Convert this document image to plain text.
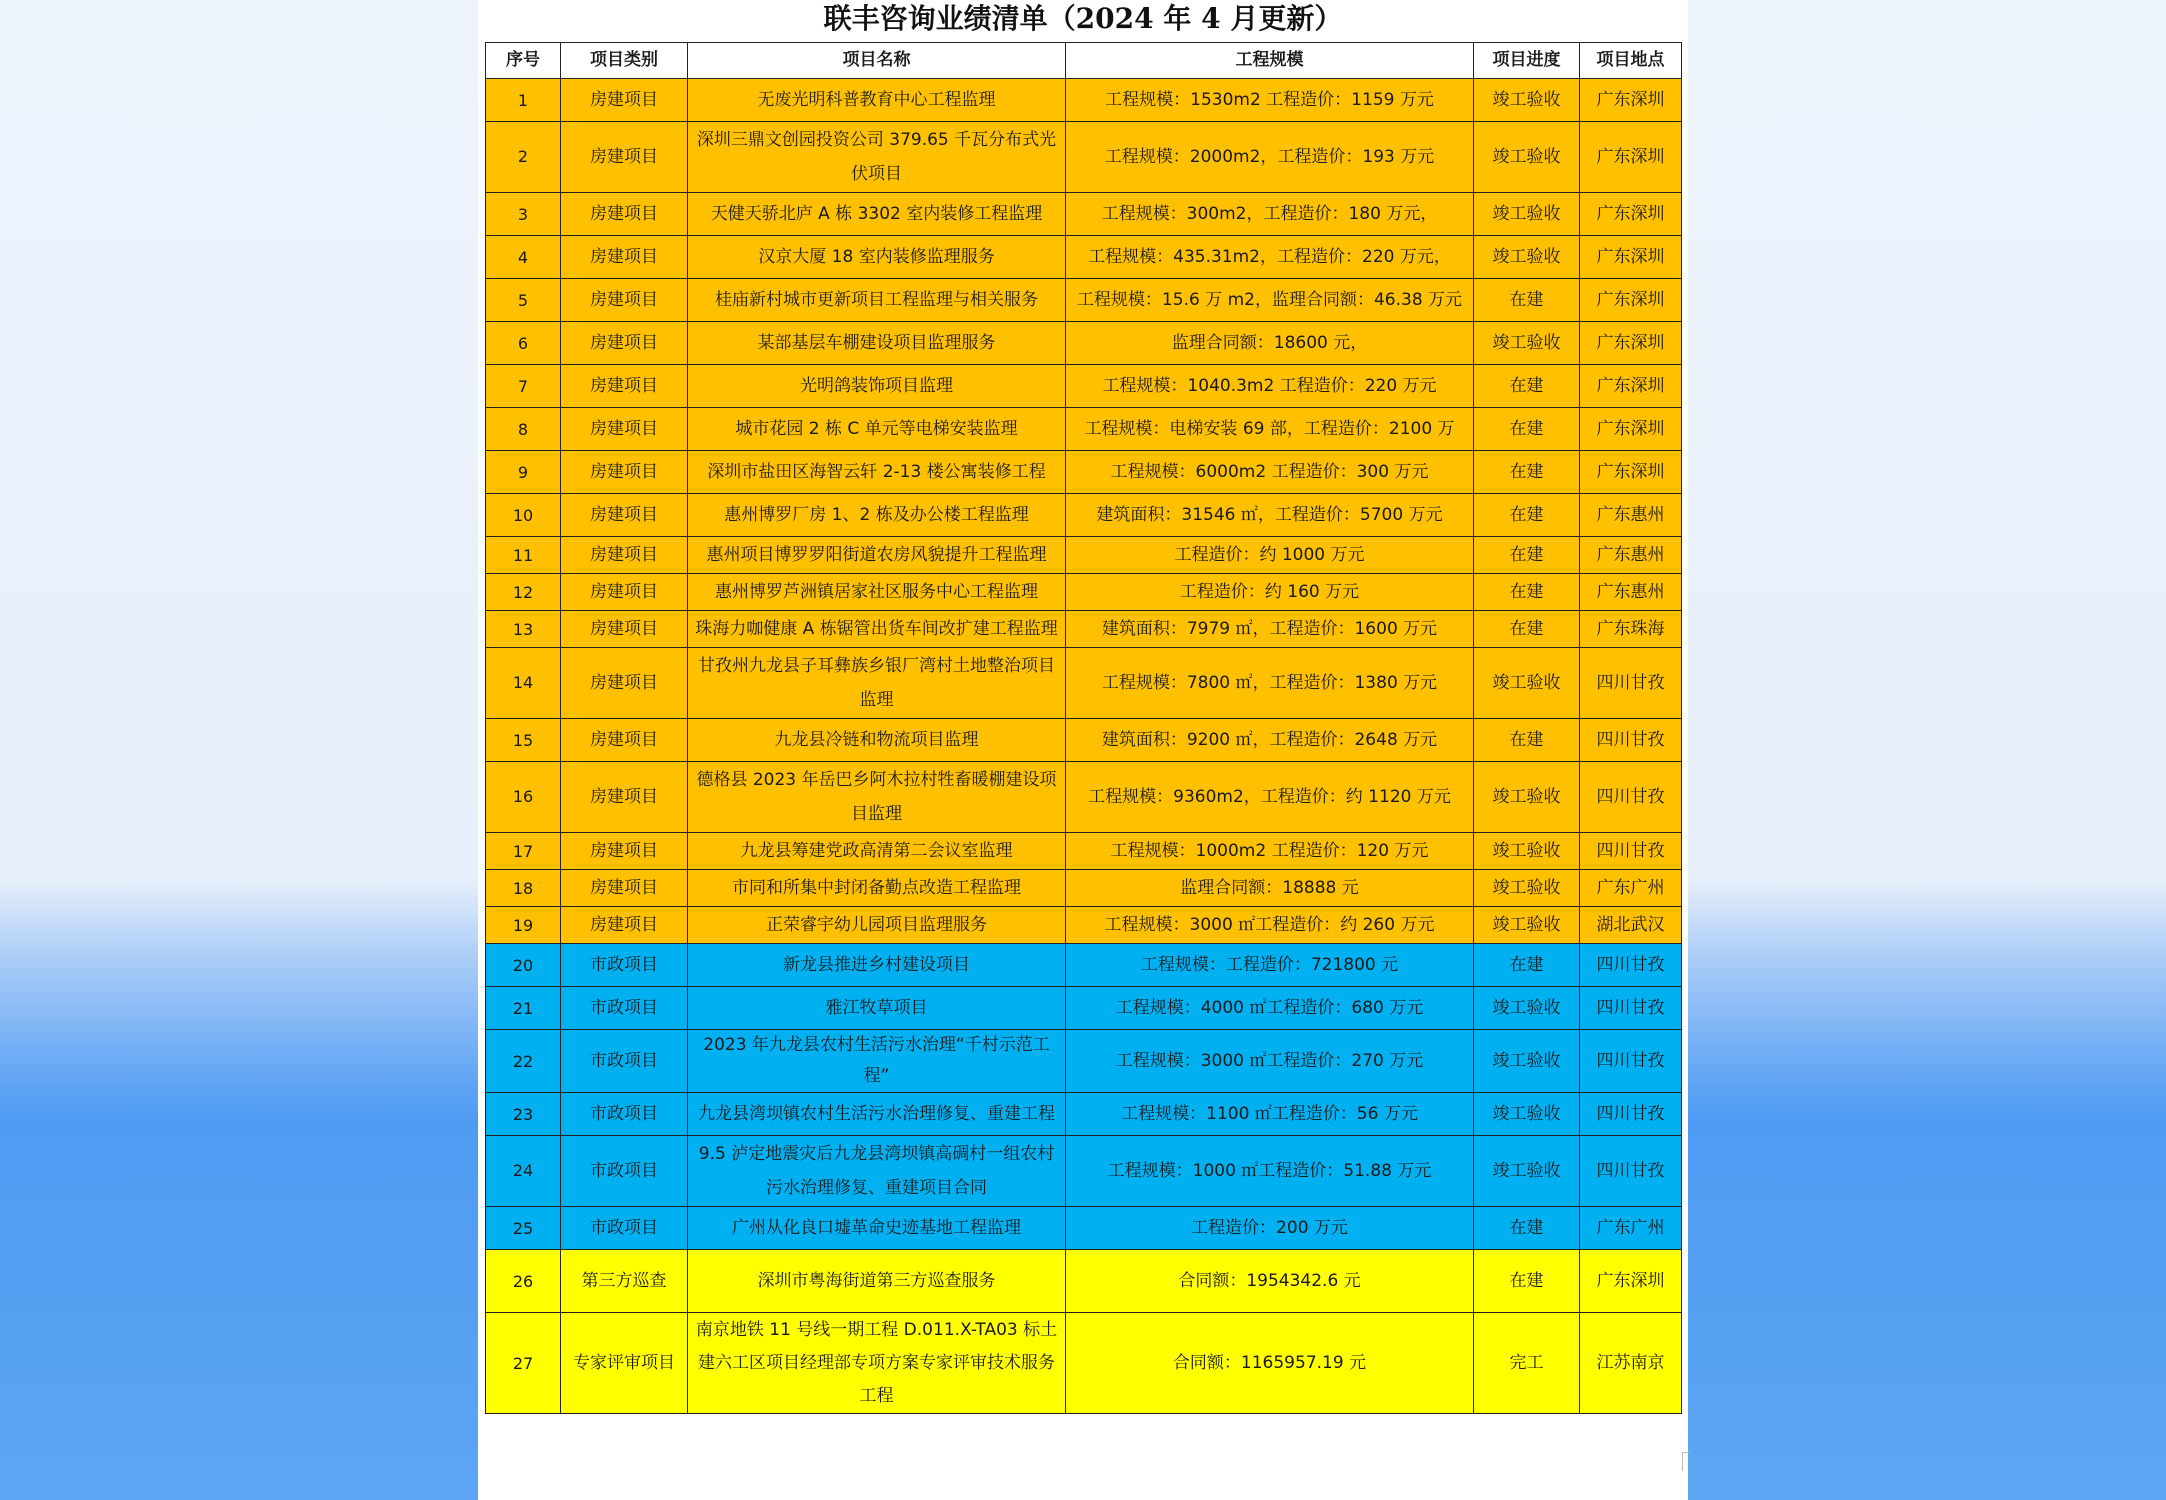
联丰咨询业绩清单（2024 年 4 月更新）
序号	项目类别	项目名称	工程规模	项目进度	项目地点
1	房建项目	无废光明科普教育中心工程监理	工程规模：1530m2 工程造价：1159 万元	竣工验收	广东深圳
2	房建项目	深圳三鼎文创园投资公司 379.65 千瓦分布式光伏项目	工程规模：2000m2，工程造价：193 万元	竣工验收	广东深圳
3	房建项目	天健天骄北庐 A 栋 3302 室内装修工程监理	工程规模：300m2，工程造价：180 万元，	竣工验收	广东深圳
4	房建项目	汉京大厦 18 室内装修监理服务	工程规模：435.31m2，工程造价：220 万元，	竣工验收	广东深圳
5	房建项目	桂庙新村城市更新项目工程监理与相关服务	工程规模：15.6 万 m2，监理合同额：46.38 万元	在建	广东深圳
6	房建项目	某部基层车棚建设项目监理服务	监理合同额：18600 元，	竣工验收	广东深圳
7	房建项目	光明鸽装饰项目监理	工程规模：1040.3m2 工程造价：220 万元	在建	广东深圳
8	房建项目	城市花园 2 栋 C 单元等电梯安装监理	工程规模：电梯安装 69 部，工程造价：2100 万	在建	广东深圳
9	房建项目	深圳市盐田区海智云轩 2-13 楼公寓装修工程	工程规模：6000m2 工程造价：300 万元	在建	广东深圳
10	房建项目	惠州博罗厂房 1、2 栋及办公楼工程监理	建筑面积：31546 ㎡，工程造价：5700 万元	在建	广东惠州
11	房建项目	惠州项目博罗罗阳街道农房风貌提升工程监理	工程造价：约 1000 万元	在建	广东惠州
12	房建项目	惠州博罗芦洲镇居家社区服务中心工程监理	工程造价：约 160 万元	在建	广东惠州
13	房建项目	珠海力咖健康 A 栋锯管出货车间改扩建工程监理	建筑面积：7979 ㎡，工程造价：1600 万元	在建	广东珠海
14	房建项目	甘孜州九龙县子耳彝族乡银厂湾村土地整治项目监理	工程规模：7800 ㎡，工程造价：1380 万元	竣工验收	四川甘孜
15	房建项目	九龙县冷链和物流项目监理	建筑面积：9200 ㎡，工程造价：2648 万元	在建	四川甘孜
16	房建项目	德格县 2023 年岳巴乡阿木拉村牲畜暖棚建设项目监理	工程规模：9360m2，工程造价：约 1120 万元	竣工验收	四川甘孜
17	房建项目	九龙县筹建党政高清第二会议室监理	工程规模：1000m2 工程造价：120 万元	竣工验收	四川甘孜
18	房建项目	市同和所集中封闭备勤点改造工程监理	监理合同额：18888 元	竣工验收	广东广州
19	房建项目	正荣睿宇幼儿园项目监理服务	工程规模：3000 ㎡工程造价：约 260 万元	竣工验收	湖北武汉
20	市政项目	新龙县推进乡村建设项目	工程规模：工程造价：721800 元	在建	四川甘孜
21	市政项目	雅江牧草项目	工程规模：4000 ㎡工程造价：680 万元	竣工验收	四川甘孜
22	市政项目	2023 年九龙县农村生活污水治理“千村示范工程”	工程规模：3000 ㎡工程造价：270 万元	竣工验收	四川甘孜
23	市政项目	九龙县湾坝镇农村生活污水治理修复、重建工程	工程规模：1100 ㎡工程造价：56 万元	竣工验收	四川甘孜
24	市政项目	9.5 泸定地震灾后九龙县湾坝镇高碉村一组农村污水治理修复、重建项目合同	工程规模：1000 ㎡工程造价：51.88 万元	竣工验收	四川甘孜
25	市政项目	广州从化良口墟革命史迹基地工程监理	工程造价：200 万元	在建	广东广州
26	第三方巡查	深圳市粤海街道第三方巡查服务	合同额：1954342.6 元	在建	广东深圳
27	专家评审项目	南京地铁 11 号线一期工程 D.011.X-TA03 标土建六工区项目经理部专项方案专家评审技术服务工程	合同额：1165957.19 元	完工	江苏南京
